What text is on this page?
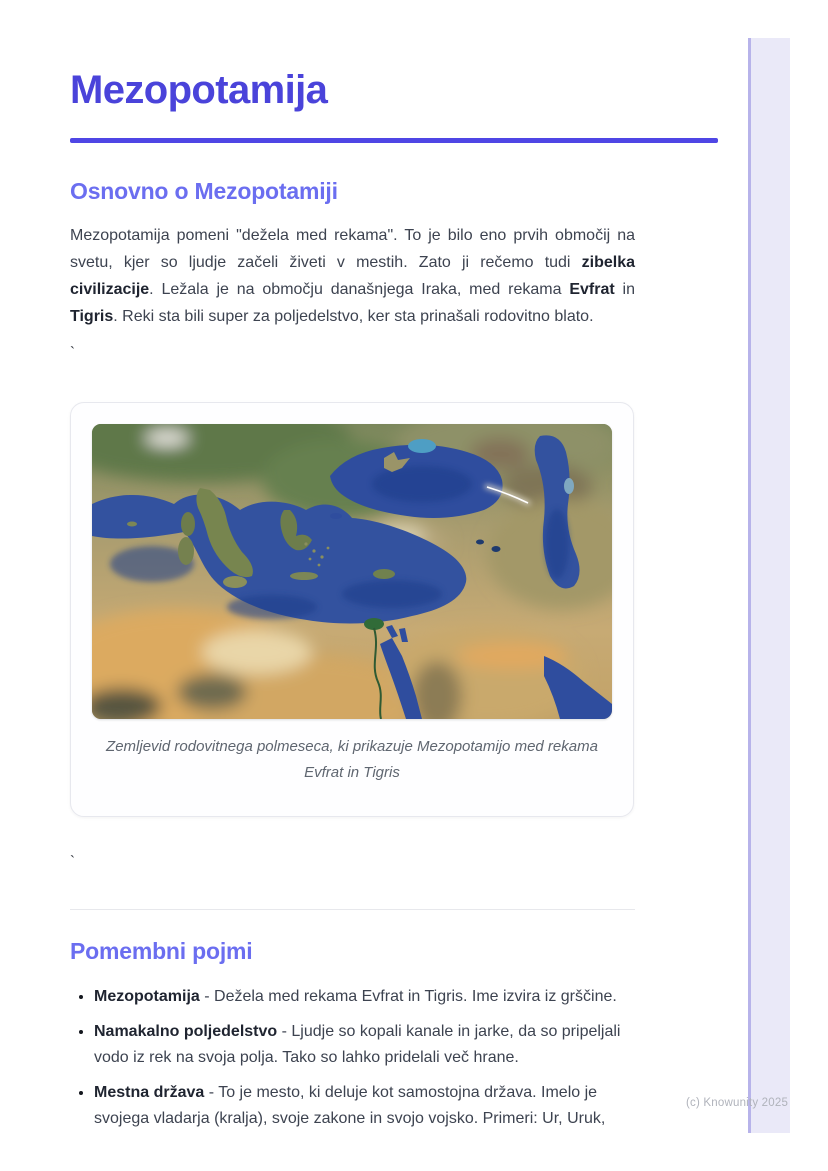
(c) Knowunity 2025
Mezopotamija
Osnovno o Mezopotamiji

Mezopotamija pomeni "dežela med rekama". To je bilo eno prvih območij na svetu, kjer so ljudje začeli živeti v mestih. Zato ji rečemo tudi zibelka civilizacije. Ležala je na območju današnjega Iraka, med rekama Evfrat in Tigris. Reki sta bili super za poljedelstvo, ker sta prinašali rodovitno blato.

`
Zemljevid rodovitnega polmeseca, ki prikazuje Mezopotamijo med rekama Evfrat in Tigris
`
Pomembni pojmi
• Mezopotamija - Dežela med rekama Evfrat in Tigris. Ime izvira iz grščine.
• Namakalno poljedelstvo - Ljudje so kopali kanale in jarke, da so pripeljali vodo iz rek na svoja polja. Tako so lahko pridelali več hrane.
• Mestna država - To je mesto, ki deluje kot samostojna država. Imelo je svojega vladarja (kralja), svoje zakone in svojo vojsko. Primeri: Ur, Uruk,
